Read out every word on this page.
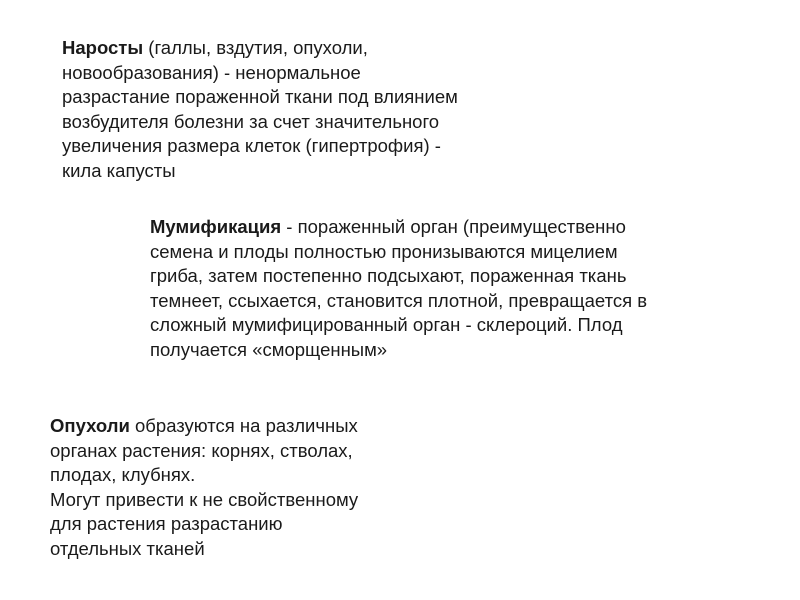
Наросты (галлы, вздутия, опухоли,
новообразования) - ненормальное
разрастание пораженной ткани под влиянием
возбудителя болезни за счет значительного
увеличения размера клеток (гипертрофия) -
кила капусты
Мумификация - пораженный орган (преимущественно
семена и плоды полностью пронизываются мицелием
гриба, затем постепенно подсыхают, пораженная ткань
темнеет, ссыхается, становится плотной, превращается в
сложный мумифицированный орган - склероций. Плод
получается «сморщенным»
Опухоли образуются на различных
органах растения: корнях, стволах,
плодах, клубнях.
Могут привести к не свойственному
для растения разрастанию
отдельных тканей
